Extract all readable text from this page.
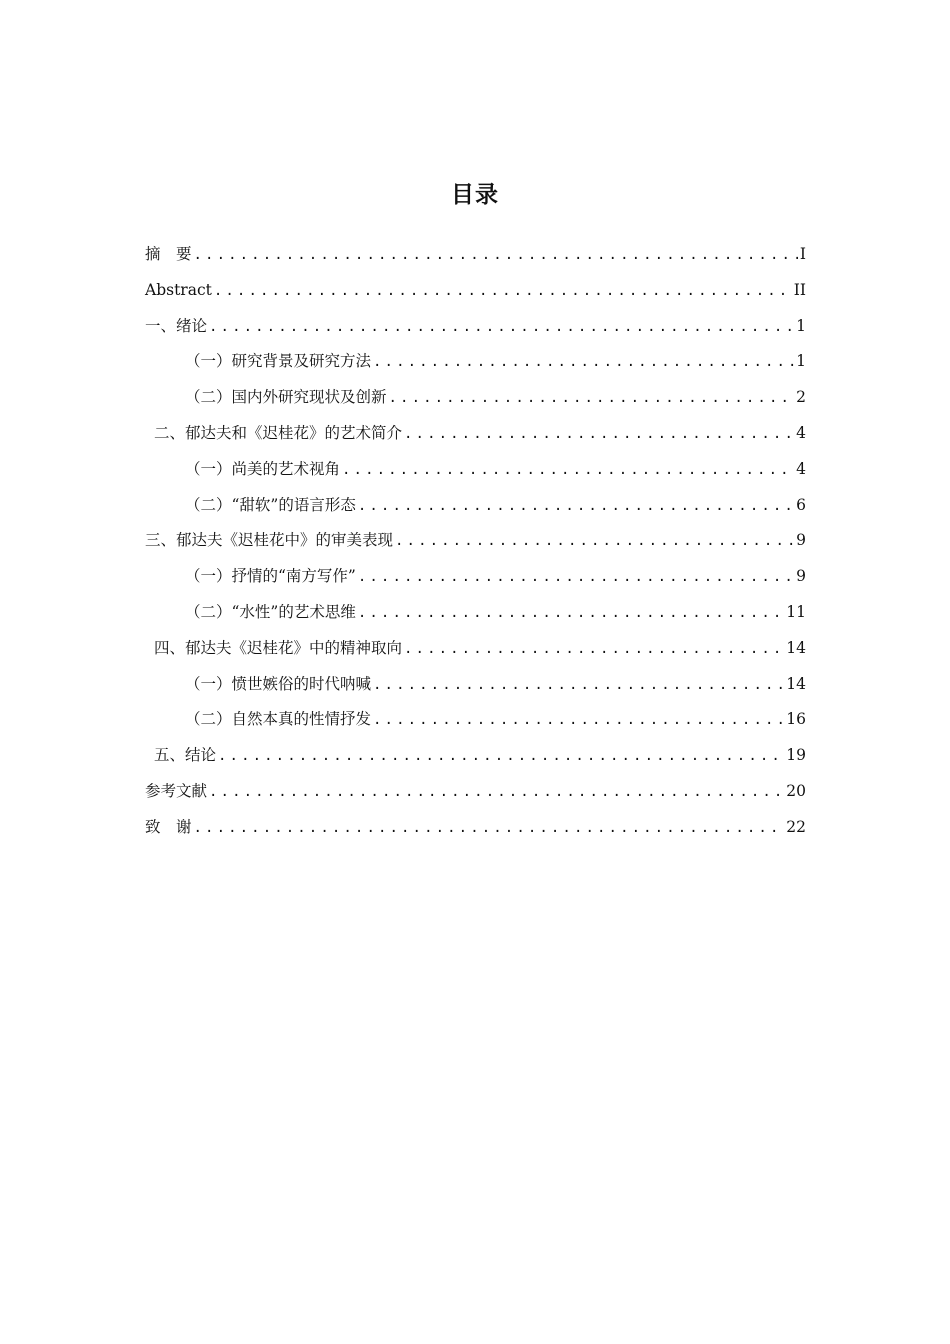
目录
摘　要 .....	I
Abstract .....	II
一、绪论 .....	1
（一）研究背景及研究方法 .....	1
（二）国内外研究现状及创新 .....	2
二、郁达夫和《迟桂花》的艺术简介 .....	4
（一）尚美的艺术视角 .....	4
（二）“甜软”的语言形态 .....	6
三、郁达夫《迟桂花中》的审美表现 .....	9
（一）抒情的“南方写作” .....	9
（二）“水性”的艺术思维 .....	11
四、郁达夫《迟桂花》中的精神取向 .....	14
（一）愤世嫉俗的时代呐喊 .....	14
（二）自然本真的性情抒发 .....	16
五、结论 .....	19
参考文献 .....	20
致　谢 .....	22
